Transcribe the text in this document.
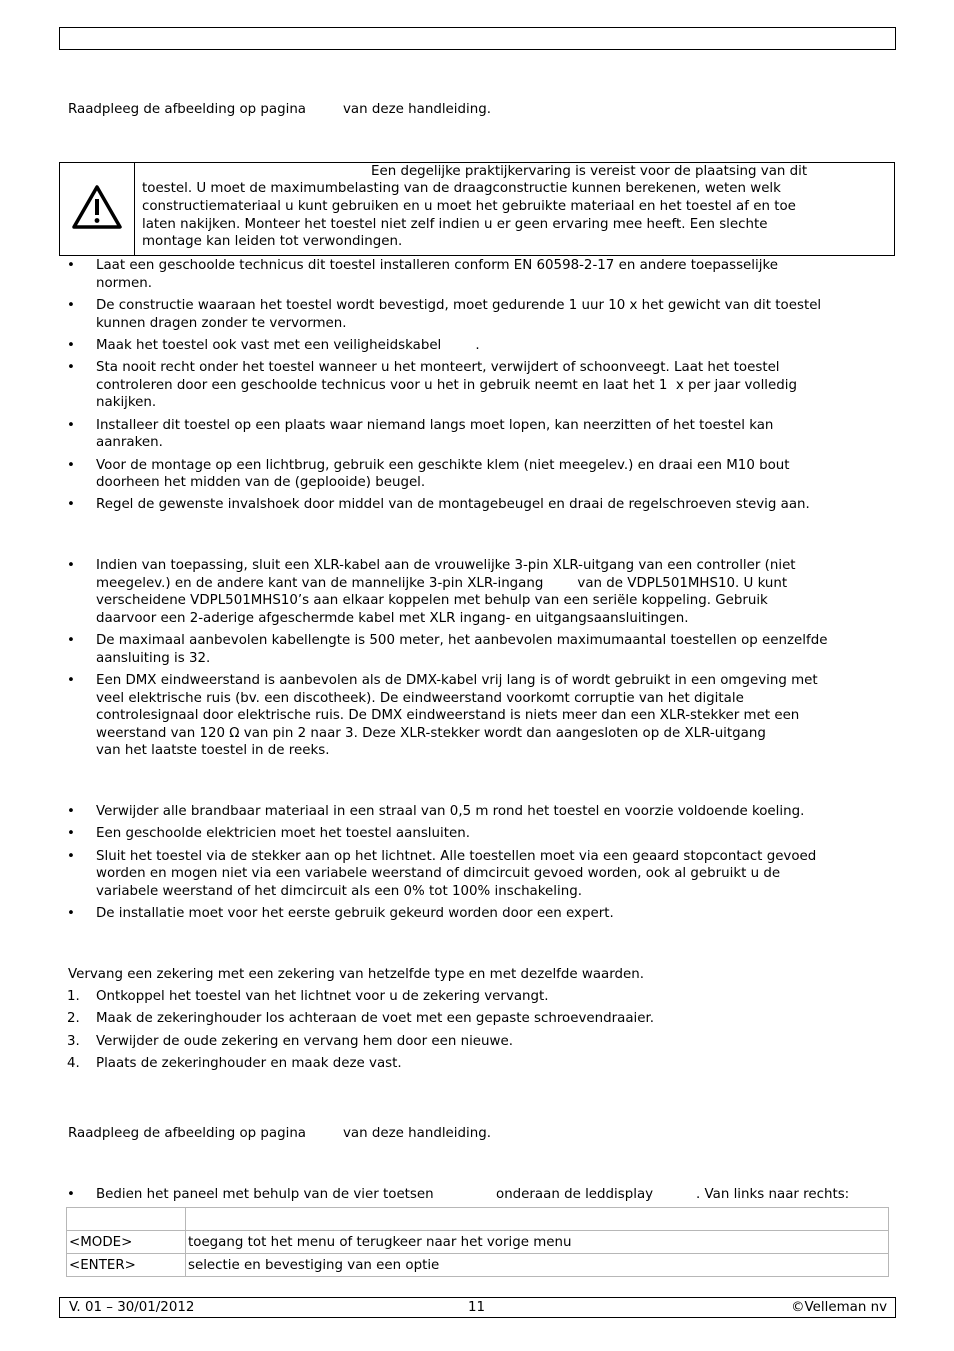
Raadpleeg de afbeelding op pagina	van deze handleiding.
Een degelijke praktijkervaring is vereist voor de plaatsing van dit
toestel. U moet de maximumbelasting van de draagconstructie kunnen berekenen, weten welk
constructiemateriaal u kunt gebruiken en u moet het gebruikte materiaal en het toestel af en toe
laten nakijken. Monteer het toestel niet zelf indien u er geen ervaring mee heeft. Een slechte
montage kan leiden tot verwondingen.
• Laat een geschoolde technicus dit toestel installeren conform EN 60598-2-17 en andere toepasselijke
normen.
• De constructie waaraan het toestel wordt bevestigd, moet gedurende 1 uur 10 x het gewicht van dit toestel
kunnen dragen zonder te vervormen.
• Maak het toestel ook vast met een veiligheidskabel        .
• Sta nooit recht onder het toestel wanneer u het monteert, verwijdert of schoonveegt. Laat het toestel
controleren door een geschoolde technicus voor u het in gebruik neemt en laat het 1  x per jaar volledig
nakijken.
• Installeer dit toestel op een plaats waar niemand langs moet lopen, kan neerzitten of het toestel kan
aanraken.
• Voor de montage op een lichtbrug, gebruik een geschikte klem (niet meegelev.) en draai een M10 bout
doorheen het midden van de (geplooide) beugel.
• Regel de gewenste invalshoek door middel van de montagebeugel en draai de regelschroeven stevig aan.
• Indien van toepassing, sluit een XLR-kabel aan de vrouwelijke 3-pin XLR-uitgang van een controller (niet
meegelev.) en de andere kant van de mannelijke 3-pin XLR-ingang        van de VDPL501MHS10. U kunt
verscheidene VDPL501MHS10’s aan elkaar koppelen met behulp van een seriële koppeling. Gebruik
daarvoor een 2-aderige afgeschermde kabel met XLR ingang- en uitgangsaansluitingen.
• De maximaal aanbevolen kabellengte is 500 meter, het aanbevolen maximumaantal toestellen op eenzelfde
aansluiting is 32.
• Een DMX eindweerstand is aanbevolen als de DMX-kabel vrij lang is of wordt gebruikt in een omgeving met
veel elektrische ruis (bv. een discotheek). De eindweerstand voorkomt corruptie van het digitale
controlesignaal door elektrische ruis. De DMX eindweerstand is niets meer dan een XLR-stekker met een
weerstand van 120 Ω van pin 2 naar 3. Deze XLR-stekker wordt dan aangesloten op de XLR-uitgang
van het laatste toestel in de reeks.
• Verwijder alle brandbaar materiaal in een straal van 0,5 m rond het toestel en voorzie voldoende koeling.
• Een geschoolde elektricien moet het toestel aansluiten.
• Sluit het toestel via de stekker aan op het lichtnet. Alle toestellen moet via een geaard stopcontact gevoed
worden en mogen niet via een variabele weerstand of dimcircuit gevoed worden, ook al gebruikt u de
variabele weerstand of het dimcircuit als een 0% tot 100% inschakeling.
• De installatie moet voor het eerste gebruik gekeurd worden door een expert.
Vervang een zekering met een zekering van hetzelfde type en met dezelfde waarden.
1. Ontkoppel het toestel van het lichtnet voor u de zekering vervangt.
2. Maak de zekeringhouder los achteraan de voet met een gepaste schroevendraaier.
3. Verwijder de oude zekering en vervang hem door een nieuwe.
4. Plaats de zekeringhouder en maak deze vast.
Raadpleeg de afbeelding op pagina	van deze handleiding.
• Bedien het paneel met behulp van de vier toetsen	onderaan de leddisplay	. Van links naar rechts:

<MODE>	toegang tot het menu of terugkeer naar het vorige menu
<ENTER>	selectie en bevestiging van een optie
V. 01 – 30/01/2012	11	©Velleman nv
